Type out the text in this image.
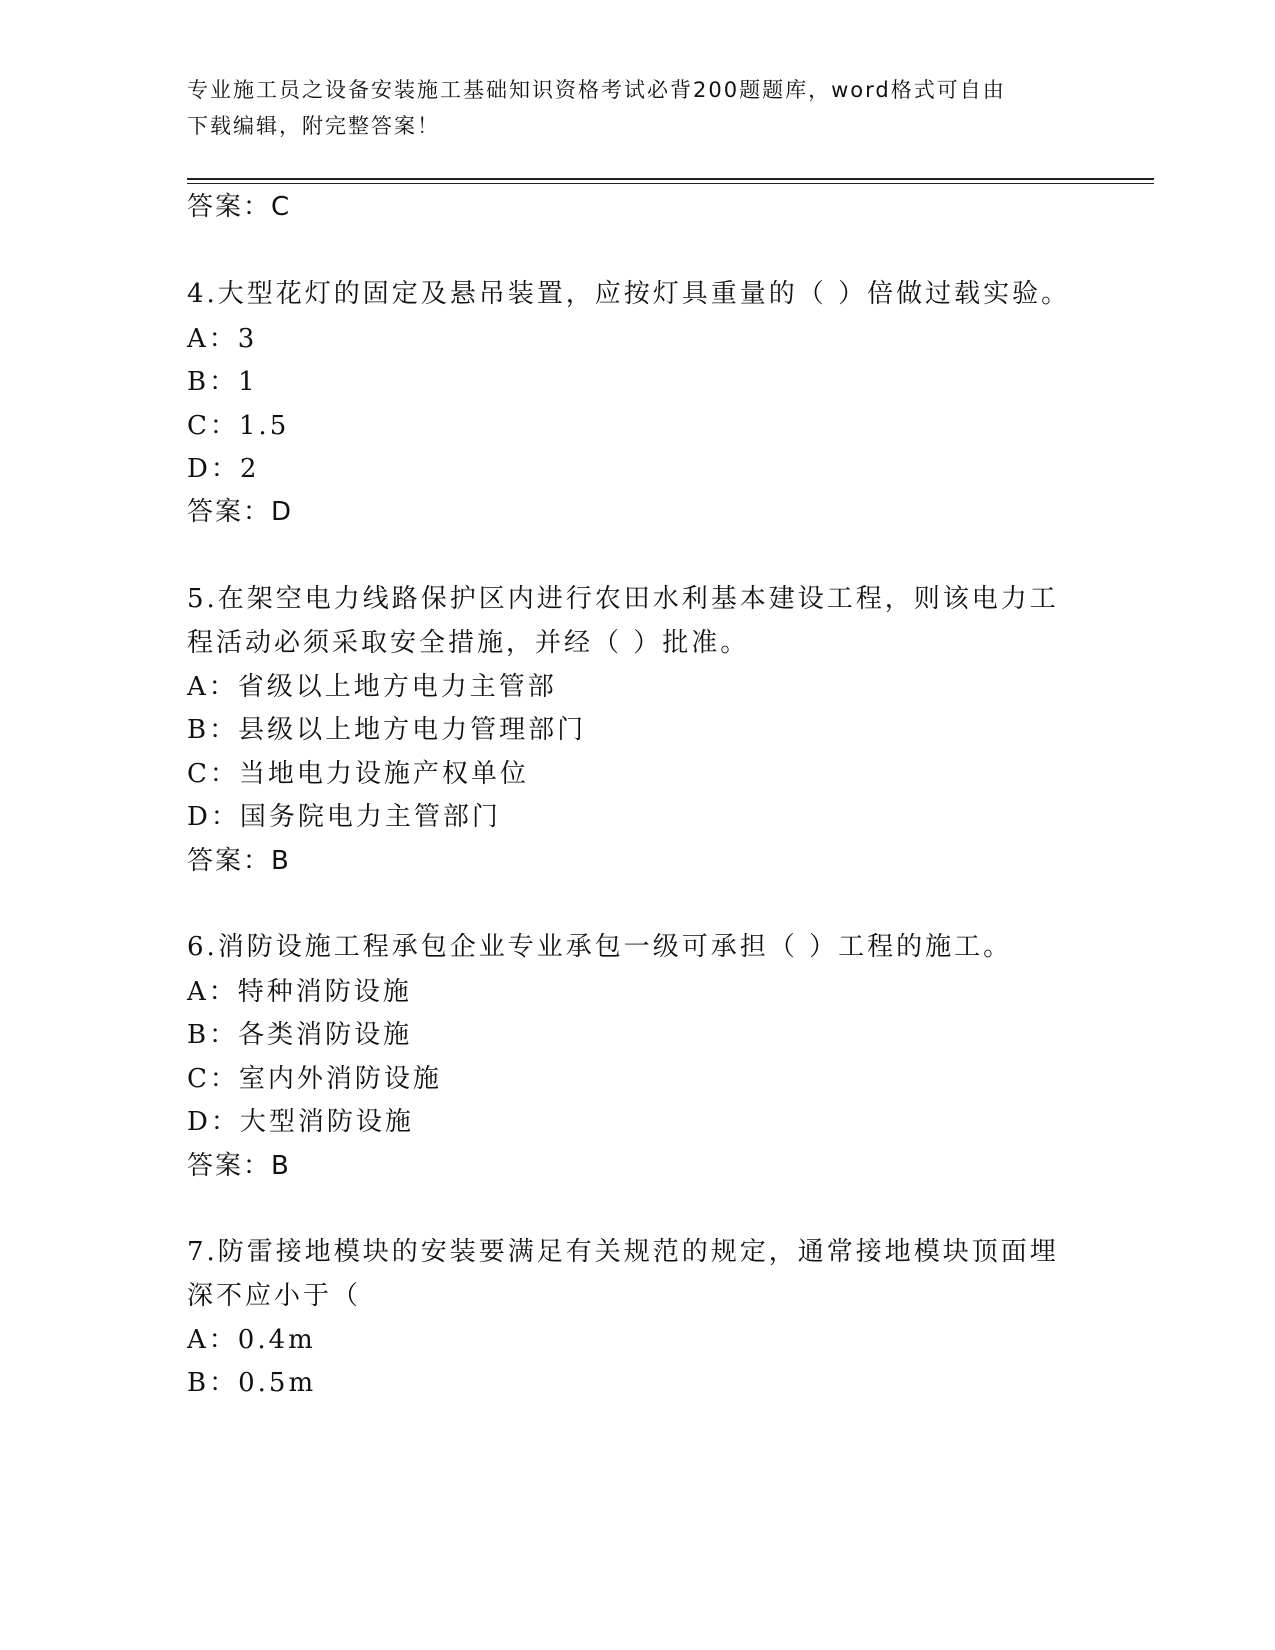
专业施工员之设备安装施工基础知识资格考试必背200题题库，word格式可自由
下载编辑，附完整答案！
答案：C
4.大型花灯的固定及悬吊装置，应按灯具重量的（ ）倍做过载实验。
A：3
B：1
C：1.5
D：2
答案：D
5.在架空电力线路保护区内进行农田水利基本建设工程，则该电力工
程活动必须采取安全措施，并经（ ）批准。
A：省级以上地方电力主管部
B：县级以上地方电力管理部门
C：当地电力设施产权单位
D：国务院电力主管部门
答案：B
6.消防设施工程承包企业专业承包一级可承担（ ）工程的施工。
A：特种消防设施
B：各类消防设施
C：室内外消防设施
D：大型消防设施
答案：B
7.防雷接地模块的安装要满足有关规范的规定，通常接地模块顶面埋
深不应小于（
A：0.4m
B：0.5m
